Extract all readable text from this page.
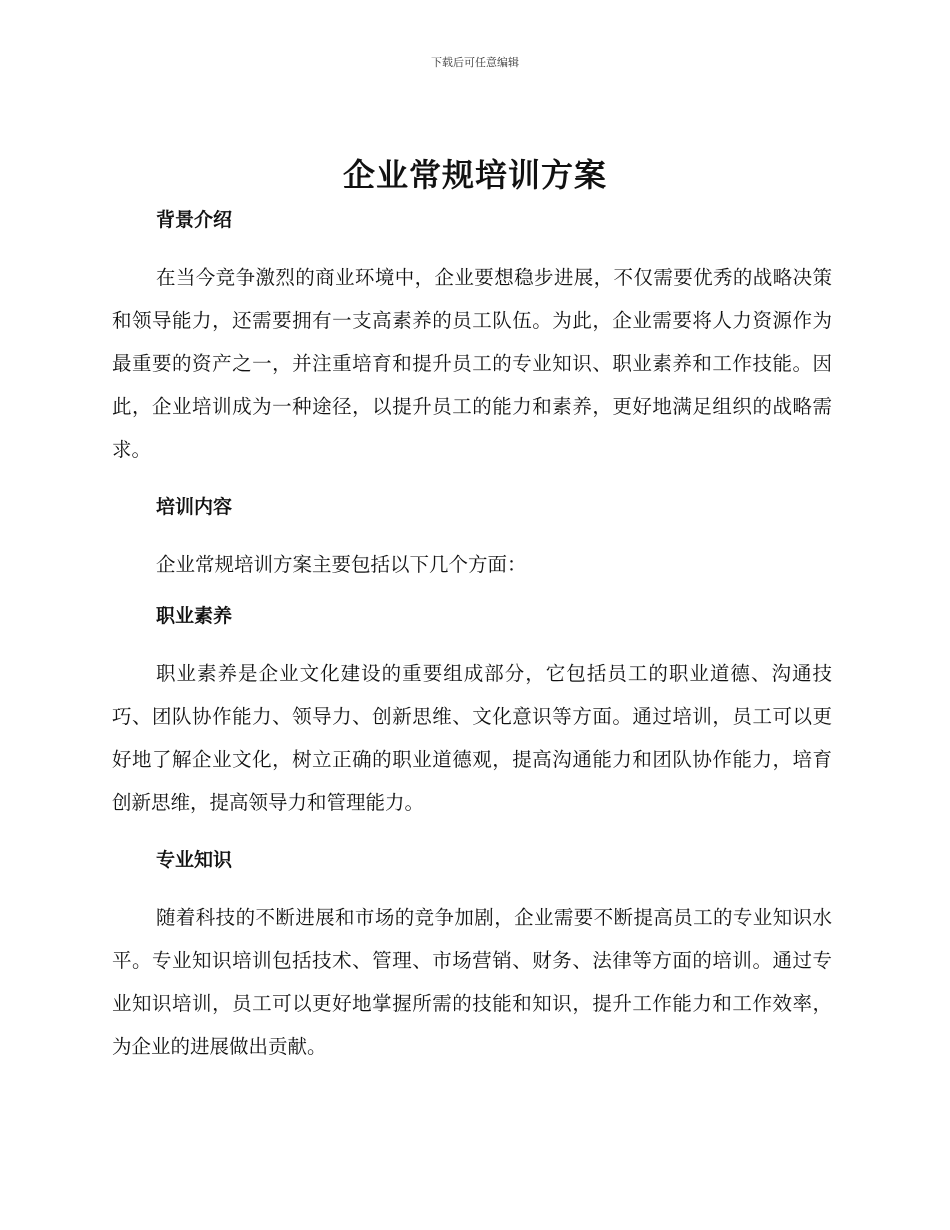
下载后可任意编辑
企业常规培训方案
背景介绍

在当今竞争激烈的商业环境中，企业要想稳步进展，不仅需要优秀的战略决策和领导能力，还需要拥有一支高素养的员工队伍。为此，企业需要将人力资源作为最重要的资产之一，并注重培育和提升员工的专业知识、职业素养和工作技能。因此，企业培训成为一种途径，以提升员工的能力和素养，更好地满足组织的战略需求。

培训内容

企业常规培训方案主要包括以下几个方面：

职业素养

职业素养是企业文化建设的重要组成部分，它包括员工的职业道德、沟通技巧、团队协作能力、领导力、创新思维、文化意识等方面。通过培训，员工可以更好地了解企业文化，树立正确的职业道德观，提高沟通能力和团队协作能力，培育创新思维，提高领导力和管理能力。

专业知识

随着科技的不断进展和市场的竞争加剧，企业需要不断提高员工的专业知识水平。专业知识培训包括技术、管理、市场营销、财务、法律等方面的培训。通过专业知识培训，员工可以更好地掌握所需的技能和知识，提升工作能力和工作效率，为企业的进展做出贡献。
